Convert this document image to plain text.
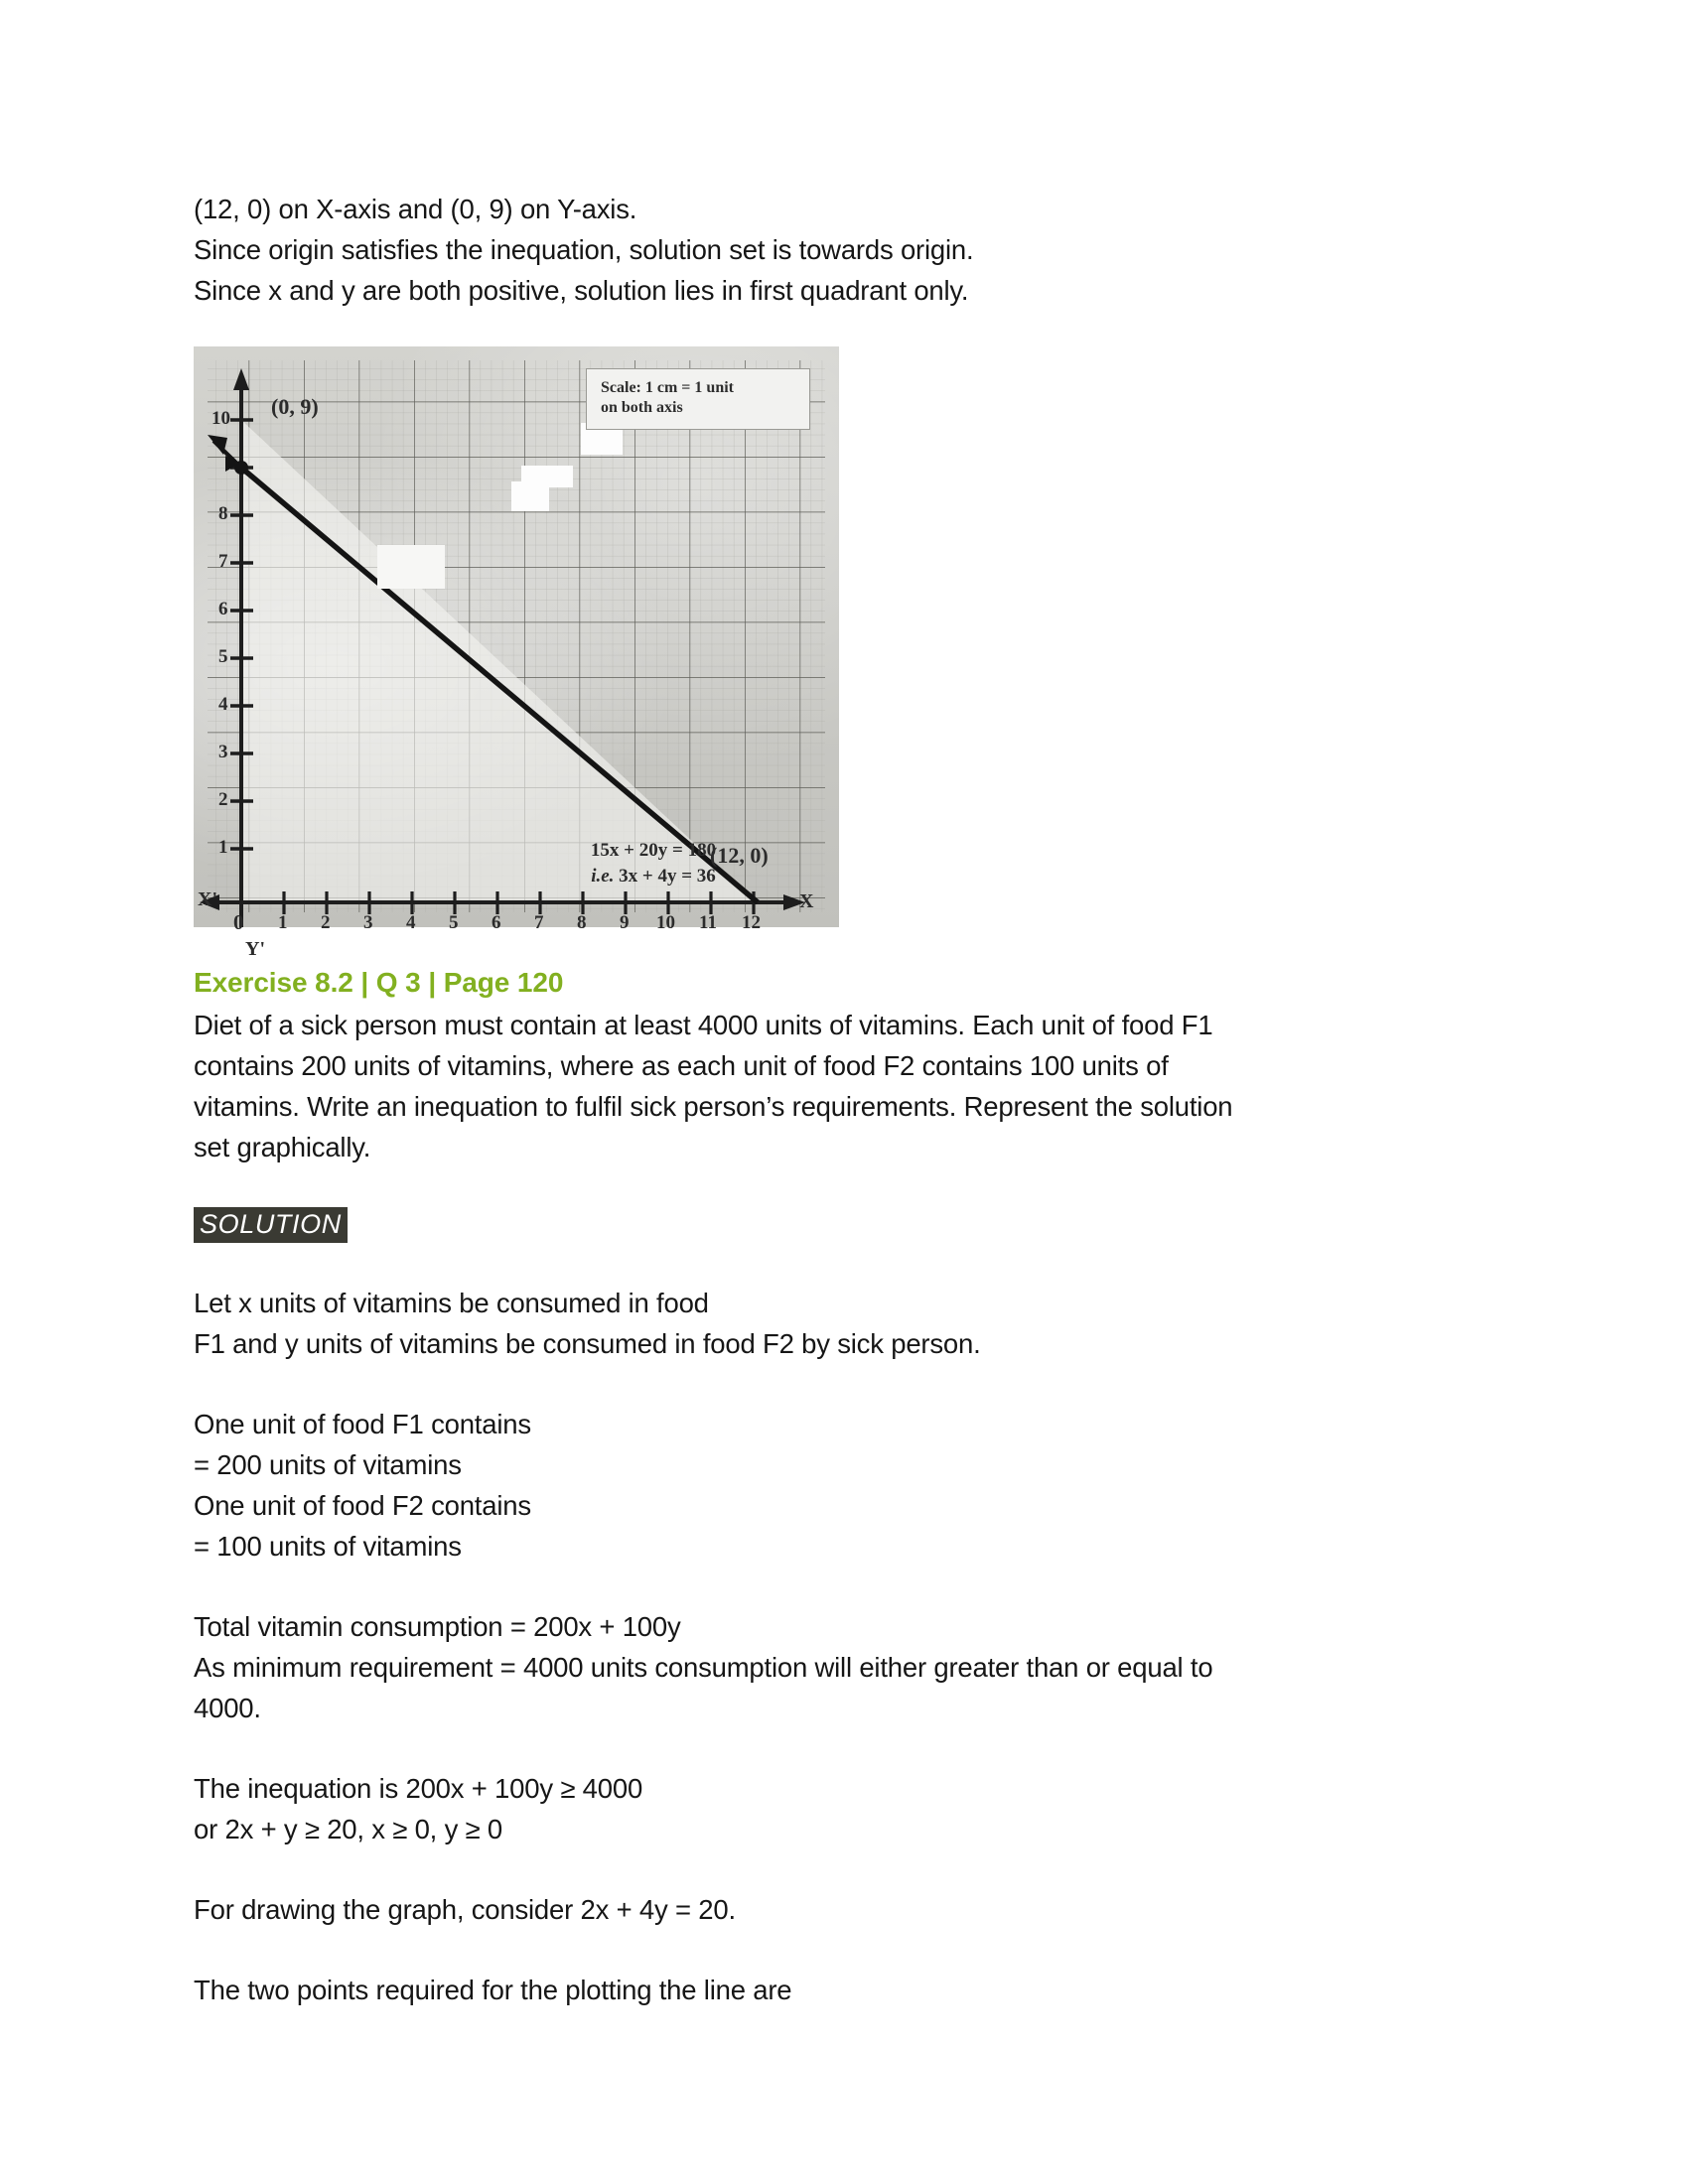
(12, 0) on X-axis and (0, 9) on Y-axis.
Since origin satisfies the inequation, solution set is towards origin.
Since x and y are both positive, solution lies in first quadrant only.
10
8
7
6
5
4
3
2
1
1 2 3 4 5 6 7 8 9 10 11 12
0
X'	X
Y'
(0, 9)
(12, 0)
Scale: 1 cm = 1 unit
on both axis
15x + 20y = 180
i.e. 3x + 4y = 36
Exercise 8.2 | Q 3 | Page 120
Diet of a sick person must contain at least 4000 units of vitamins. Each unit of food F1
contains 200 units of vitamins, where as each unit of food F2 contains 100 units of
vitamins. Write an inequation to fulfil sick person’s requirements. Represent the solution
set graphically.
SOLUTION
Let x units of vitamins be consumed in food
F1 and y units of vitamins be consumed in food F2 by sick person.
One unit of food F1 contains
= 200 units of vitamins
One unit of food F2 contains
= 100 units of vitamins
Total vitamin consumption = 200x + 100y
As minimum requirement = 4000 units consumption will either greater than or equal to
4000.
The inequation is 200x + 100y ≥ 4000
or 2x + y ≥ 20, x ≥ 0, y ≥ 0
For drawing the graph, consider 2x + 4y = 20.
The two points required for the plotting the line are
